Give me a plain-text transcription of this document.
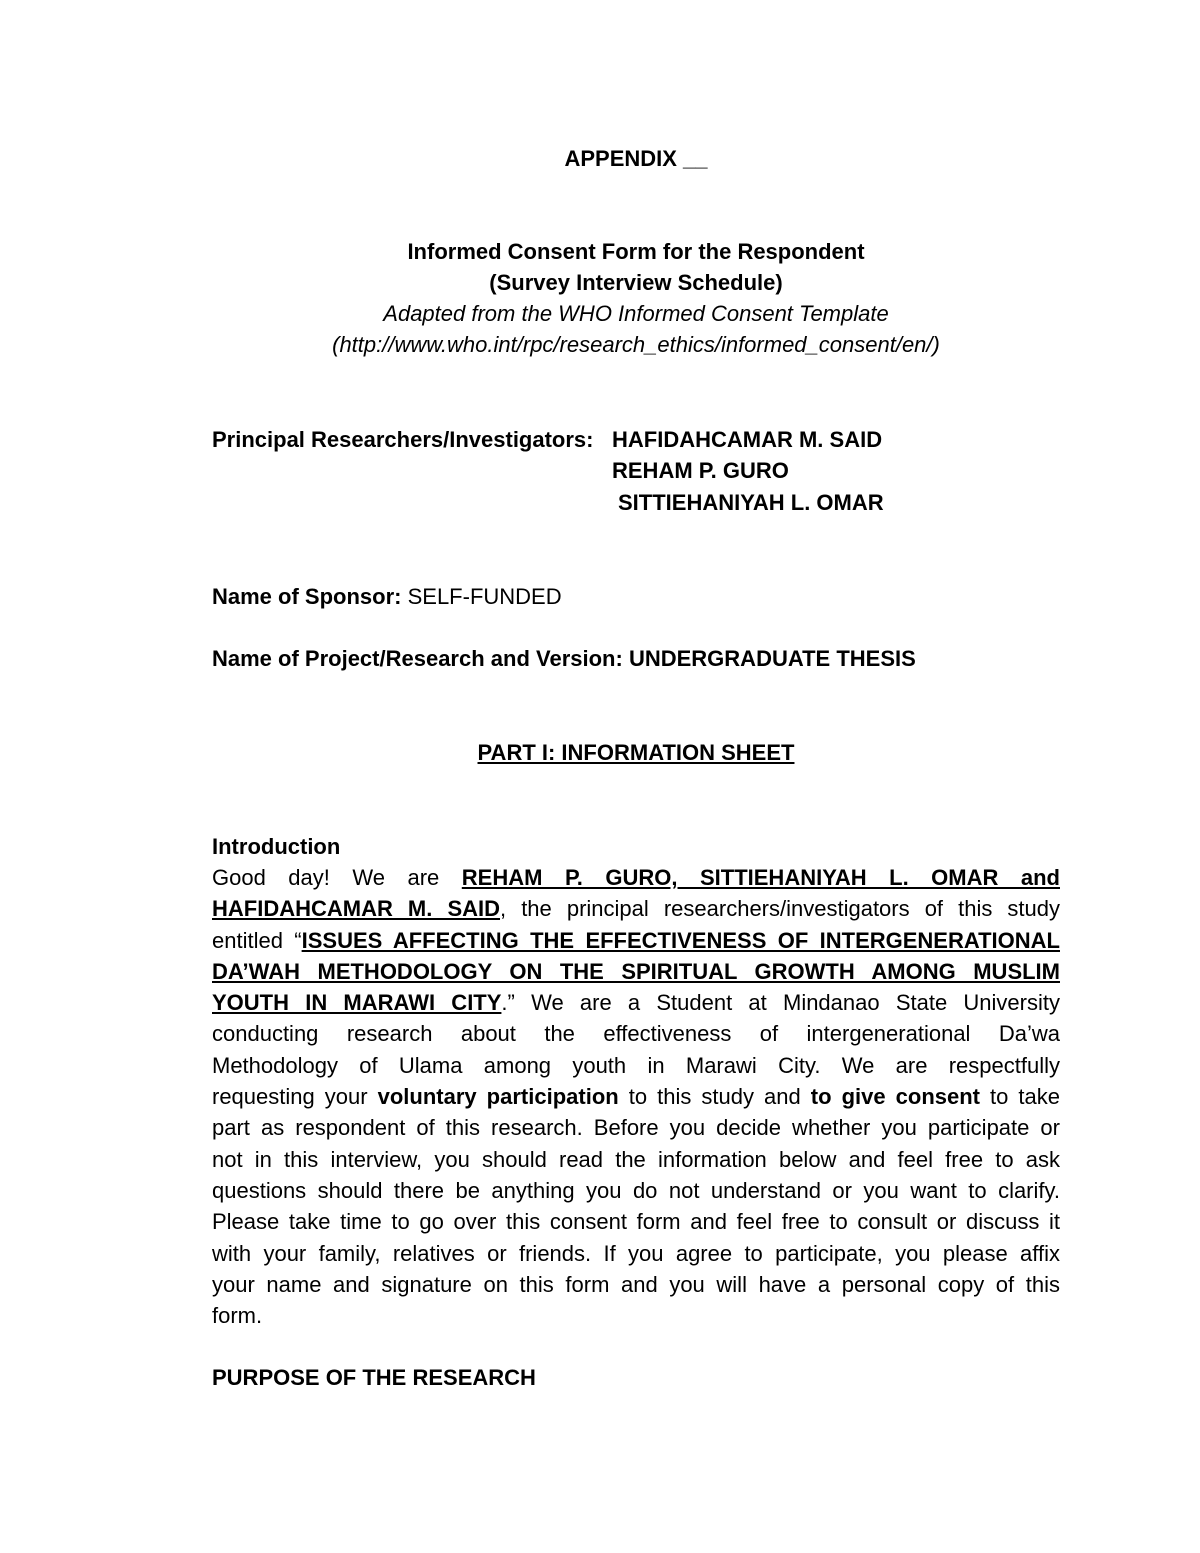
APPENDIX __
Informed Consent Form for the Respondent
(Survey Interview Schedule)
Adapted from the WHO Informed Consent Template
(http://www.who.int/rpc/research_ethics/informed_consent/en/)
Principal Researchers/Investigators: HAFIDAHCAMAR M. SAID
REHAM P. GURO
SITTIEHANIYAH L. OMAR
Name of Sponsor: SELF-FUNDED
Name of Project/Research and Version: UNDERGRADUATE THESIS
PART I: INFORMATION SHEET
Introduction
Good day! We are REHAM P. GURO, SITTIEHANIYAH L. OMAR and
HAFIDAHCAMAR M. SAID, the principal researchers/investigators of this study
entitled “ISSUES AFFECTING THE EFFECTIVENESS OF INTERGENERATIONAL
DA’WAH METHODOLOGY ON THE SPIRITUAL GROWTH AMONG MUSLIM
YOUTH IN MARAWI CITY.” We are a Student at Mindanao State University
conducting research about the effectiveness of intergenerational Da’wa
Methodology of Ulama among youth in Marawi City. We are respectfully
requesting your voluntary participation to this study and to give consent to take
part as respondent of this research. Before you decide whether you participate or
not in this interview, you should read the information below and feel free to ask
questions should there be anything you do not understand or you want to clarify.
Please take time to go over this consent form and feel free to consult or discuss it
with your family, relatives or friends. If you agree to participate, you please affix
your name and signature on this form and you will have a personal copy of this
form.
PURPOSE OF THE RESEARCH
